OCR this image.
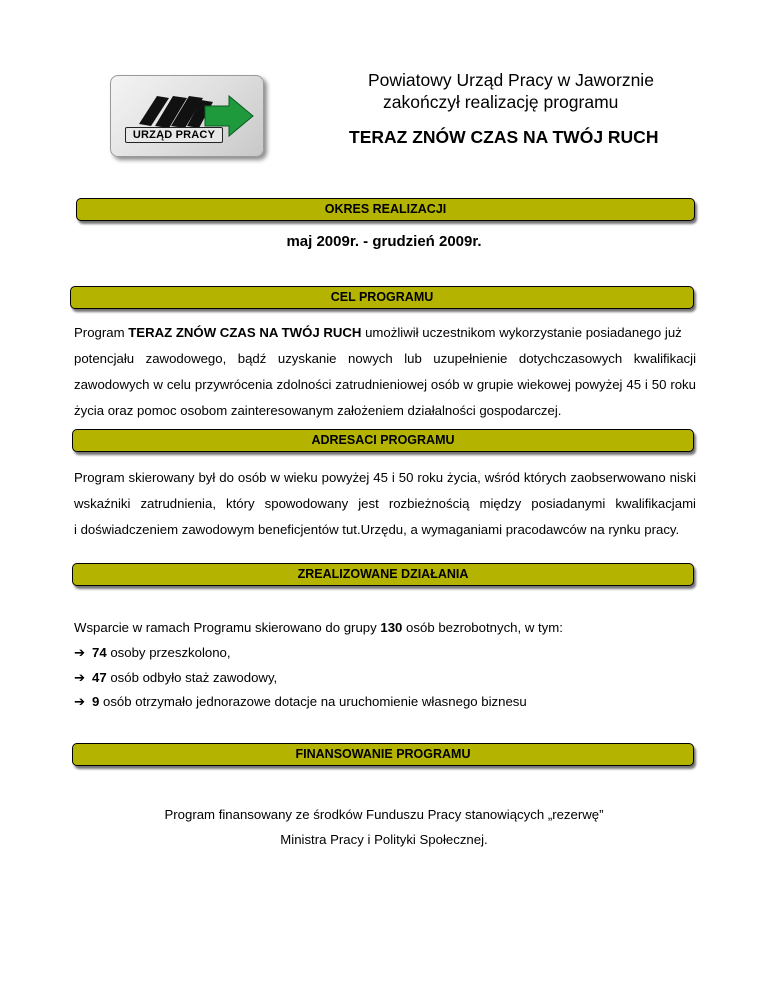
URZĄD PRACY
Powiatowy Urząd Pracy w Jaworznie
zakończył realizację programu
TERAZ ZNÓW CZAS NA TWÓJ RUCH
OKRES REALIZACJI
maj 2009r. - grudzień 2009r.
CEL PROGRAMU
Program TERAZ ZNÓW CZAS NA TWÓJ RUCH umożliwił uczestnikom wykorzystanie posiadanego już
potencjału zawodowego, bądź uzyskanie nowych lub uzupełnienie dotychczasowych kwalifikacji
zawodowych w celu przywrócenia zdolności zatrudnieniowej osób w grupie wiekowej powyżej 45 i 50 roku
życia oraz pomoc osobom zainteresowanym założeniem działalności gospodarczej.
ADRESACI PROGRAMU
Program skierowany był do osób w wieku powyżej 45 i 50 roku życia, wśród których zaobserwowano niski
wskaźniki zatrudnienia, który spowodowany jest rozbieżnością między posiadanymi kwalifikacjami
i doświadczeniem zawodowym beneficjentów tut.Urzędu, a wymaganiami pracodawców na rynku pracy.
ZREALIZOWANE DZIAŁANIA
Wsparcie w ramach Programu skierowano do grupy 130 osób bezrobotnych, w tym:
➔ 74 osoby przeszkolono,
➔ 47 osób odbyło staż zawodowy,
➔ 9 osób otrzymało jednorazowe dotacje na uruchomienie własnego biznesu
FINANSOWANIE PROGRAMU
Program finansowany ze środków Funduszu Pracy stanowiących „rezerwę”
Ministra Pracy i Polityki Społecznej.
